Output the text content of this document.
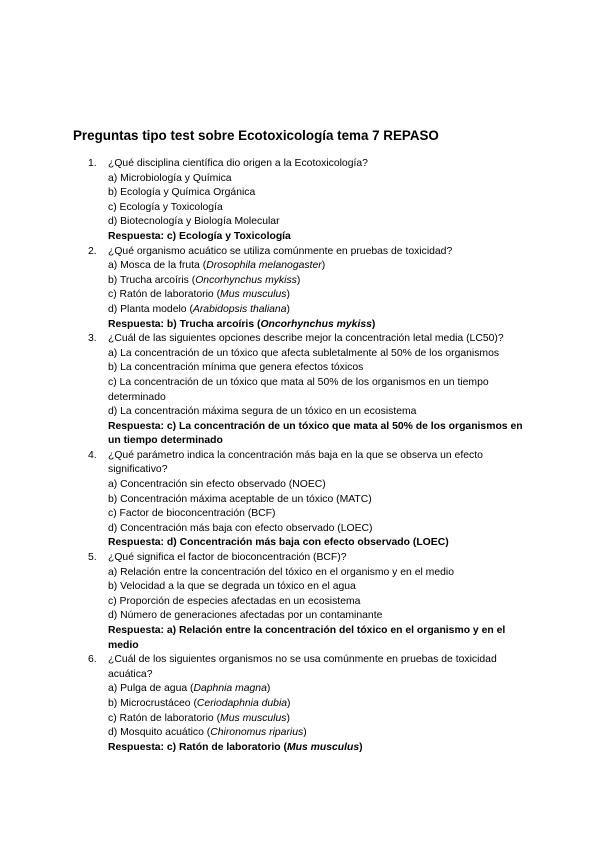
Preguntas tipo test sobre Ecotoxicología tema 7 REPASO
1. ¿Qué disciplina científica dio origen a la Ecotoxicología?
a) Microbiología y Química
b) Ecología y Química Orgánica
c) Ecología y Toxicología
d) Biotecnología y Biología Molecular
Respuesta: c) Ecología y Toxicología
2. ¿Qué organismo acuático se utiliza comúnmente en pruebas de toxicidad?
a) Mosca de la fruta (Drosophila melanogaster)
b) Trucha arcoíris (Oncorhynchus mykiss)
c) Ratón de laboratorio (Mus musculus)
d) Planta modelo (Arabidopsis thaliana)
Respuesta: b) Trucha arcoíris (Oncorhynchus mykiss)
3. ¿Cuál de las siguientes opciones describe mejor la concentración letal media (LC50)?
a) La concentración de un tóxico que afecta subletalmente al 50% de los organismos
b) La concentración mínima que genera efectos tóxicos
c) La concentración de un tóxico que mata al 50% de los organismos en un tiempo determinado
d) La concentración máxima segura de un tóxico en un ecosistema
Respuesta: c) La concentración de un tóxico que mata al 50% de los organismos en un tiempo determinado
4. ¿Qué parámetro indica la concentración más baja en la que se observa un efecto significativo?
a) Concentración sin efecto observado (NOEC)
b) Concentración máxima aceptable de un tóxico (MATC)
c) Factor de bioconcentración (BCF)
d) Concentración más baja con efecto observado (LOEC)
Respuesta: d) Concentración más baja con efecto observado (LOEC)
5. ¿Qué significa el factor de bioconcentración (BCF)?
a) Relación entre la concentración del tóxico en el organismo y en el medio
b) Velocidad a la que se degrada un tóxico en el agua
c) Proporción de especies afectadas en un ecosistema
d) Número de generaciones afectadas por un contaminante
Respuesta: a) Relación entre la concentración del tóxico en el organismo y en el medio
6. ¿Cuál de los siguientes organismos no se usa comúnmente en pruebas de toxicidad acuática?
a) Pulga de agua (Daphnia magna)
b) Microcrustáceo (Ceriodaphnia dubia)
c) Ratón de laboratorio (Mus musculus)
d) Mosquito acuático (Chironomus riparius)
Respuesta: c) Ratón de laboratorio (Mus musculus)
